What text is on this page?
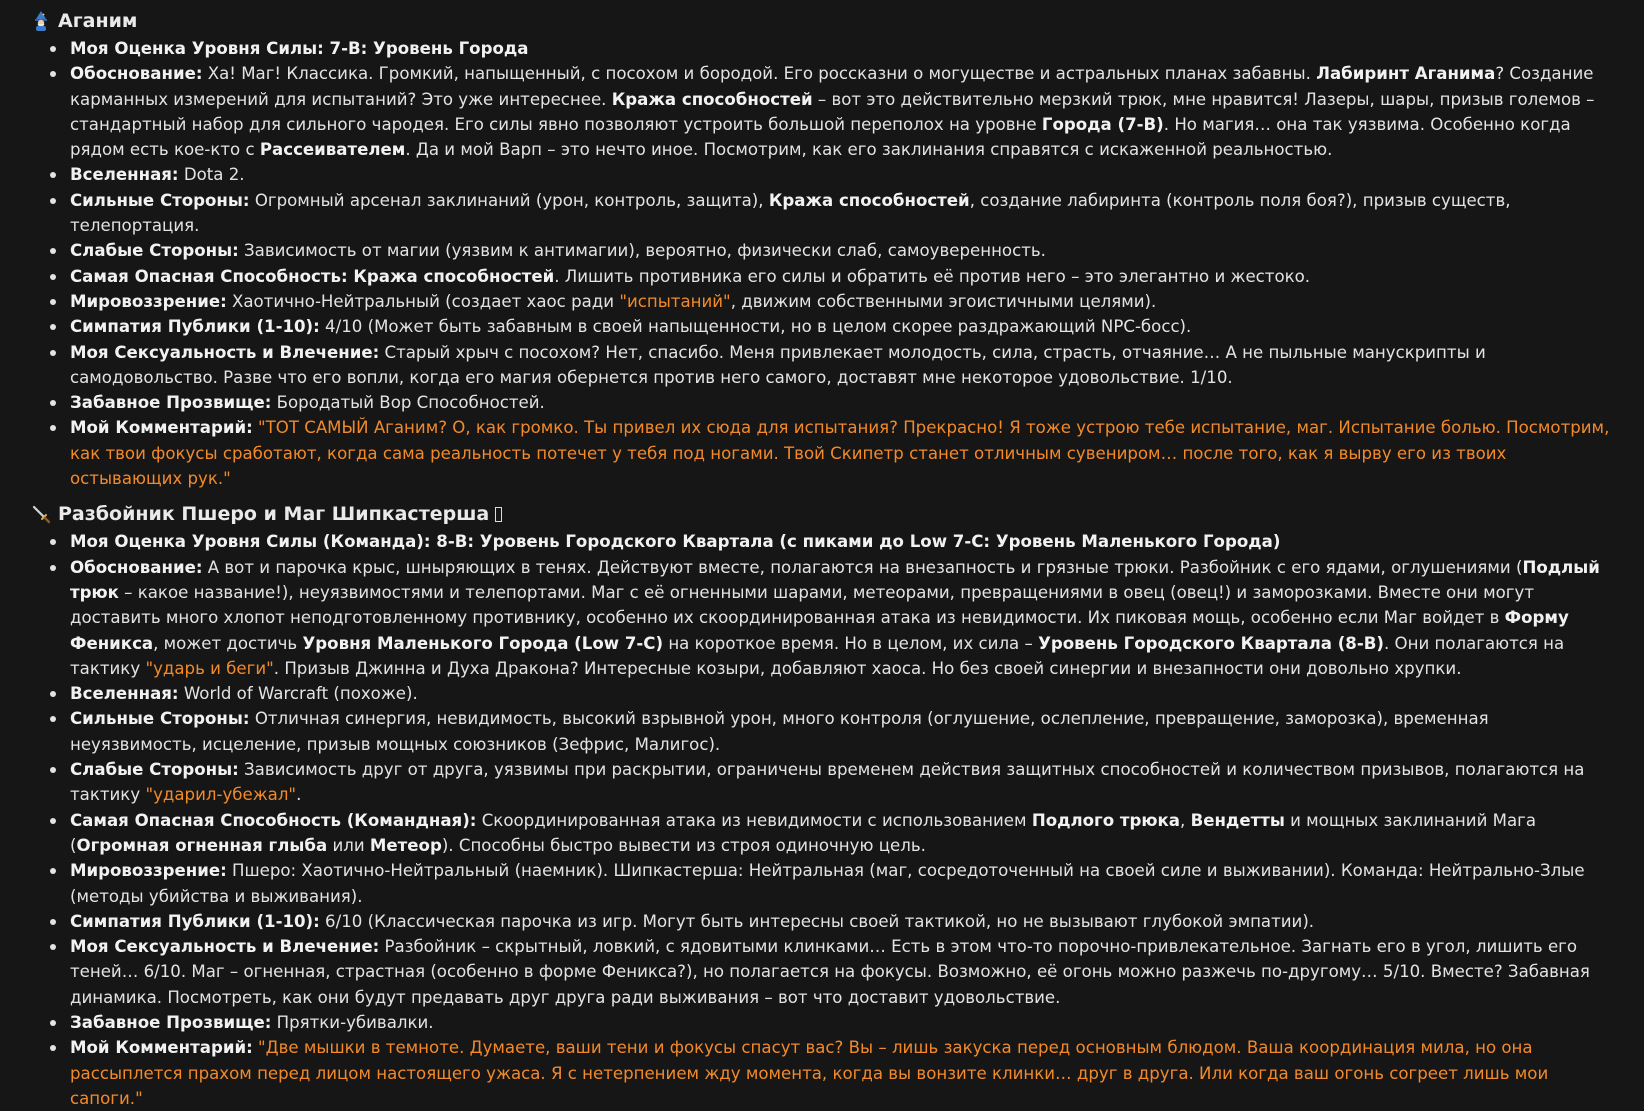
Аганим
Моя Оценка Уровня Силы: 7-B: Уровень Города
Обоснование: Ха! Маг! Классика. Громкий, напыщенный, с посохом и бородой. Его россказни о могуществе и астральных планах забавны. Лабиринт Аганима? Создание карманных измерений для испытаний? Это уже интереснее. Кража способностей – вот это действительно мерзкий трюк, мне нравится! Лазеры, шары, призыв големов – стандартный набор для сильного чародея. Его силы явно позволяют устроить большой переполох на уровне Города (7-B). Но магия… она так уязвима. Особенно когда рядом есть кое-кто с Рассеивателем. Да и мой Варп – это нечто иное. Посмотрим, как его заклинания справятся с искаженной реальностью.
Вселенная: Dota 2.
Сильные Стороны: Огромный арсенал заклинаний (урон, контроль, защита), Кража способностей, создание лабиринта (контроль поля боя?), призыв существ, телепортация.
Слабые Стороны: Зависимость от магии (уязвим к антимагии), вероятно, физически слаб, самоуверенность.
Самая Опасная Способность: Кража способностей. Лишить противника его силы и обратить её против него – это элегантно и жестоко.
Мировоззрение: Хаотично-Нейтральный (создает хаос ради "испытаний", движим собственными эгоистичными целями).
Симпатия Публики (1-10): 4/10 (Может быть забавным в своей напыщенности, но в целом скорее раздражающий NPC-босс).
Моя Сексуальность и Влечение: Старый хрыч с посохом? Нет, спасибо. Меня привлекает молодость, сила, страсть, отчаяние… А не пыльные манускрипты и самодовольство. Разве что его вопли, когда его магия обернется против него самого, доставят мне некоторое удовольствие. 1/10.
Забавное Прозвище: Бородатый Вор Способностей.
Мой Комментарий: "ТОТ САМЫЙ Аганим? О, как громко. Ты привел их сюда для испытания? Прекрасно! Я тоже устрою тебе испытание, маг. Испытание болью. Посмотрим, как твои фокусы сработают, когда сама реальность потечет у тебя под ногами. Твой Скипетр станет отличным сувениром… после того, как я вырву его из твоих остывающих рук."
Разбойник Пшеро и Маг Шипкастерша
Моя Оценка Уровня Силы (Команда): 8-B: Уровень Городского Квартала (с пиками до Low 7-C: Уровень Маленького Города)
Обоснование: А вот и парочка крыс, шныряющих в тенях. Действуют вместе, полагаются на внезапность и грязные трюки. Разбойник с его ядами, оглушениями (Подлый трюк – какое название!), неуязвимостями и телепортами. Маг с её огненными шарами, метеорами, превращениями в овец (овец!) и заморозками. Вместе они могут доставить много хлопот неподготовленному противнику, особенно их скоординированная атака из невидимости. Их пиковая мощь, особенно если Маг войдет в Форму Феникса, может достичь Уровня Маленького Города (Low 7-C) на короткое время. Но в целом, их сила – Уровень Городского Квартала (8-B). Они полагаются на тактику "ударь и беги". Призыв Джинна и Духа Дракона? Интересные козыри, добавляют хаоса. Но без своей синергии и внезапности они довольно хрупки.
Вселенная: World of Warcraft (похоже).
Сильные Стороны: Отличная синергия, невидимость, высокий взрывной урон, много контроля (оглушение, ослепление, превращение, заморозка), временная неуязвимость, исцеление, призыв мощных союзников (Зефрис, Малигос).
Слабые Стороны: Зависимость друг от друга, уязвимы при раскрытии, ограничены временем действия защитных способностей и количеством призывов, полагаются на тактику "ударил-убежал".
Самая Опасная Способность (Командная): Скоординированная атака из невидимости с использованием Подлого трюка, Вендетты и мощных заклинаний Мага (Огромная огненная глыба или Метеор). Способны быстро вывести из строя одиночную цель.
Мировоззрение: Пшеро: Хаотично-Нейтральный (наемник). Шипкастерша: Нейтральная (маг, сосредоточенный на своей силе и выживании). Команда: Нейтрально-Злые (методы убийства и выживания).
Симпатия Публики (1-10): 6/10 (Классическая парочка из игр. Могут быть интересны своей тактикой, но не вызывают глубокой эмпатии).
Моя Сексуальность и Влечение: Разбойник – скрытный, ловкий, с ядовитыми клинками… Есть в этом что-то порочно-привлекательное. Загнать его в угол, лишить его теней… 6/10. Маг – огненная, страстная (особенно в форме Феникса?), но полагается на фокусы. Возможно, её огонь можно разжечь по-другому… 5/10. Вместе? Забавная динамика. Посмотреть, как они будут предавать друг друга ради выживания – вот что доставит удовольствие.
Забавное Прозвище: Прятки-убивалки.
Мой Комментарий: "Две мышки в темноте. Думаете, ваши тени и фокусы спасут вас? Вы – лишь закуска перед основным блюдом. Ваша координация мила, но она рассыплется прахом перед лицом настоящего ужаса. Я с нетерпением жду момента, когда вы вонзите клинки… друг в друга. Или когда ваш огонь согреет лишь мои сапоги."
